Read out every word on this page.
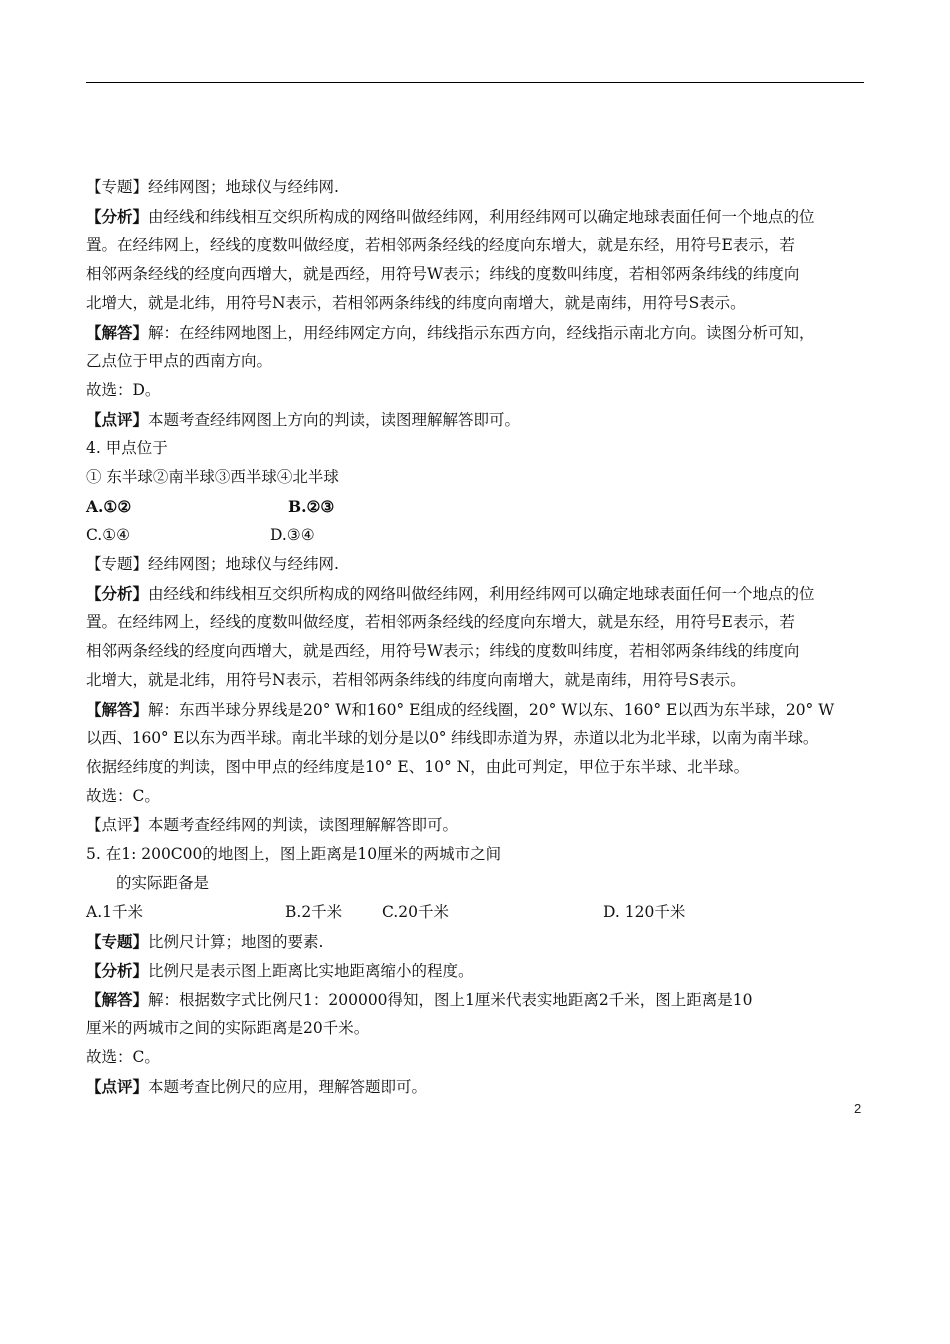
【专题】经纬网图；地球仪与经纬网.
【分析】由经线和纬线相互交织所构成的网络叫做经纬网，利用经纬网可以确定地球表面任何一个地点的位
置。在经纬网上，经线的度数叫做经度，若相邻两条经线的经度向东增大，就是东经，用符号E表示，若
相邻两条经线的经度向西增大，就是西经，用符号W表示；纬线的度数叫纬度，若相邻两条纬线的纬度向
北增大，就是北纬，用符号N表示，若相邻两条纬线的纬度向南增大，就是南纬，用符号S表示。
【解答】解：在经纬网地图上，用经纬网定方向，纬线指示东西方向，经线指示南北方向。读图分析可知，
乙点位于甲点的西南方向。
故选：D。
【点评】本题考查经纬网图上方向的判读，读图理解解答即可。
4. 甲点位于
① 东半球②南半球③西半球④北半球
A.①②	B.②③
C.①④	D.③④
【专题】经纬网图；地球仪与经纬网.
【分析】由经线和纬线相互交织所构成的网络叫做经纬网，利用经纬网可以确定地球表面任何一个地点的位
置。在经纬网上，经线的度数叫做经度，若相邻两条经线的经度向东增大，就是东经，用符号E表示，若
相邻两条经线的经度向西增大，就是西经，用符号W表示；纬线的度数叫纬度，若相邻两条纬线的纬度向
北增大，就是北纬，用符号N表示，若相邻两条纬线的纬度向南增大，就是南纬，用符号S表示。
【解答】解：东西半球分界线是20° W和160° E组成的经线圈，20° W以东、160° E以西为东半球，20° W
以西、160° E以东为西半球。南北半球的划分是以0° 纬线即赤道为界，赤道以北为北半球，以南为南半球。
依据经纬度的判读，图中甲点的经纬度是10° E、10° N，由此可判定，甲位于东半球、北半球。
故选：C。
【点评】本题考查经纬网的判读，读图理解解答即可。
5. 在1: 200C00的地图上，图上距离是10厘米的两城市之间
的实际距备是
A.1千米	B.2千米	C.20千米	D. 120千米
【专题】比例尺计算；地图的要素.
【分析】比例尺是表示图上距离比实地距离缩小的程度。
【解答】解：根据数字式比例尺1：200000得知，图上1厘米代表实地距离2千米，图上距离是10
厘米的两城市之间的实际距离是20千米。
故选：C。
【点评】本题考查比例尺的应用，理解答题即可。
2
